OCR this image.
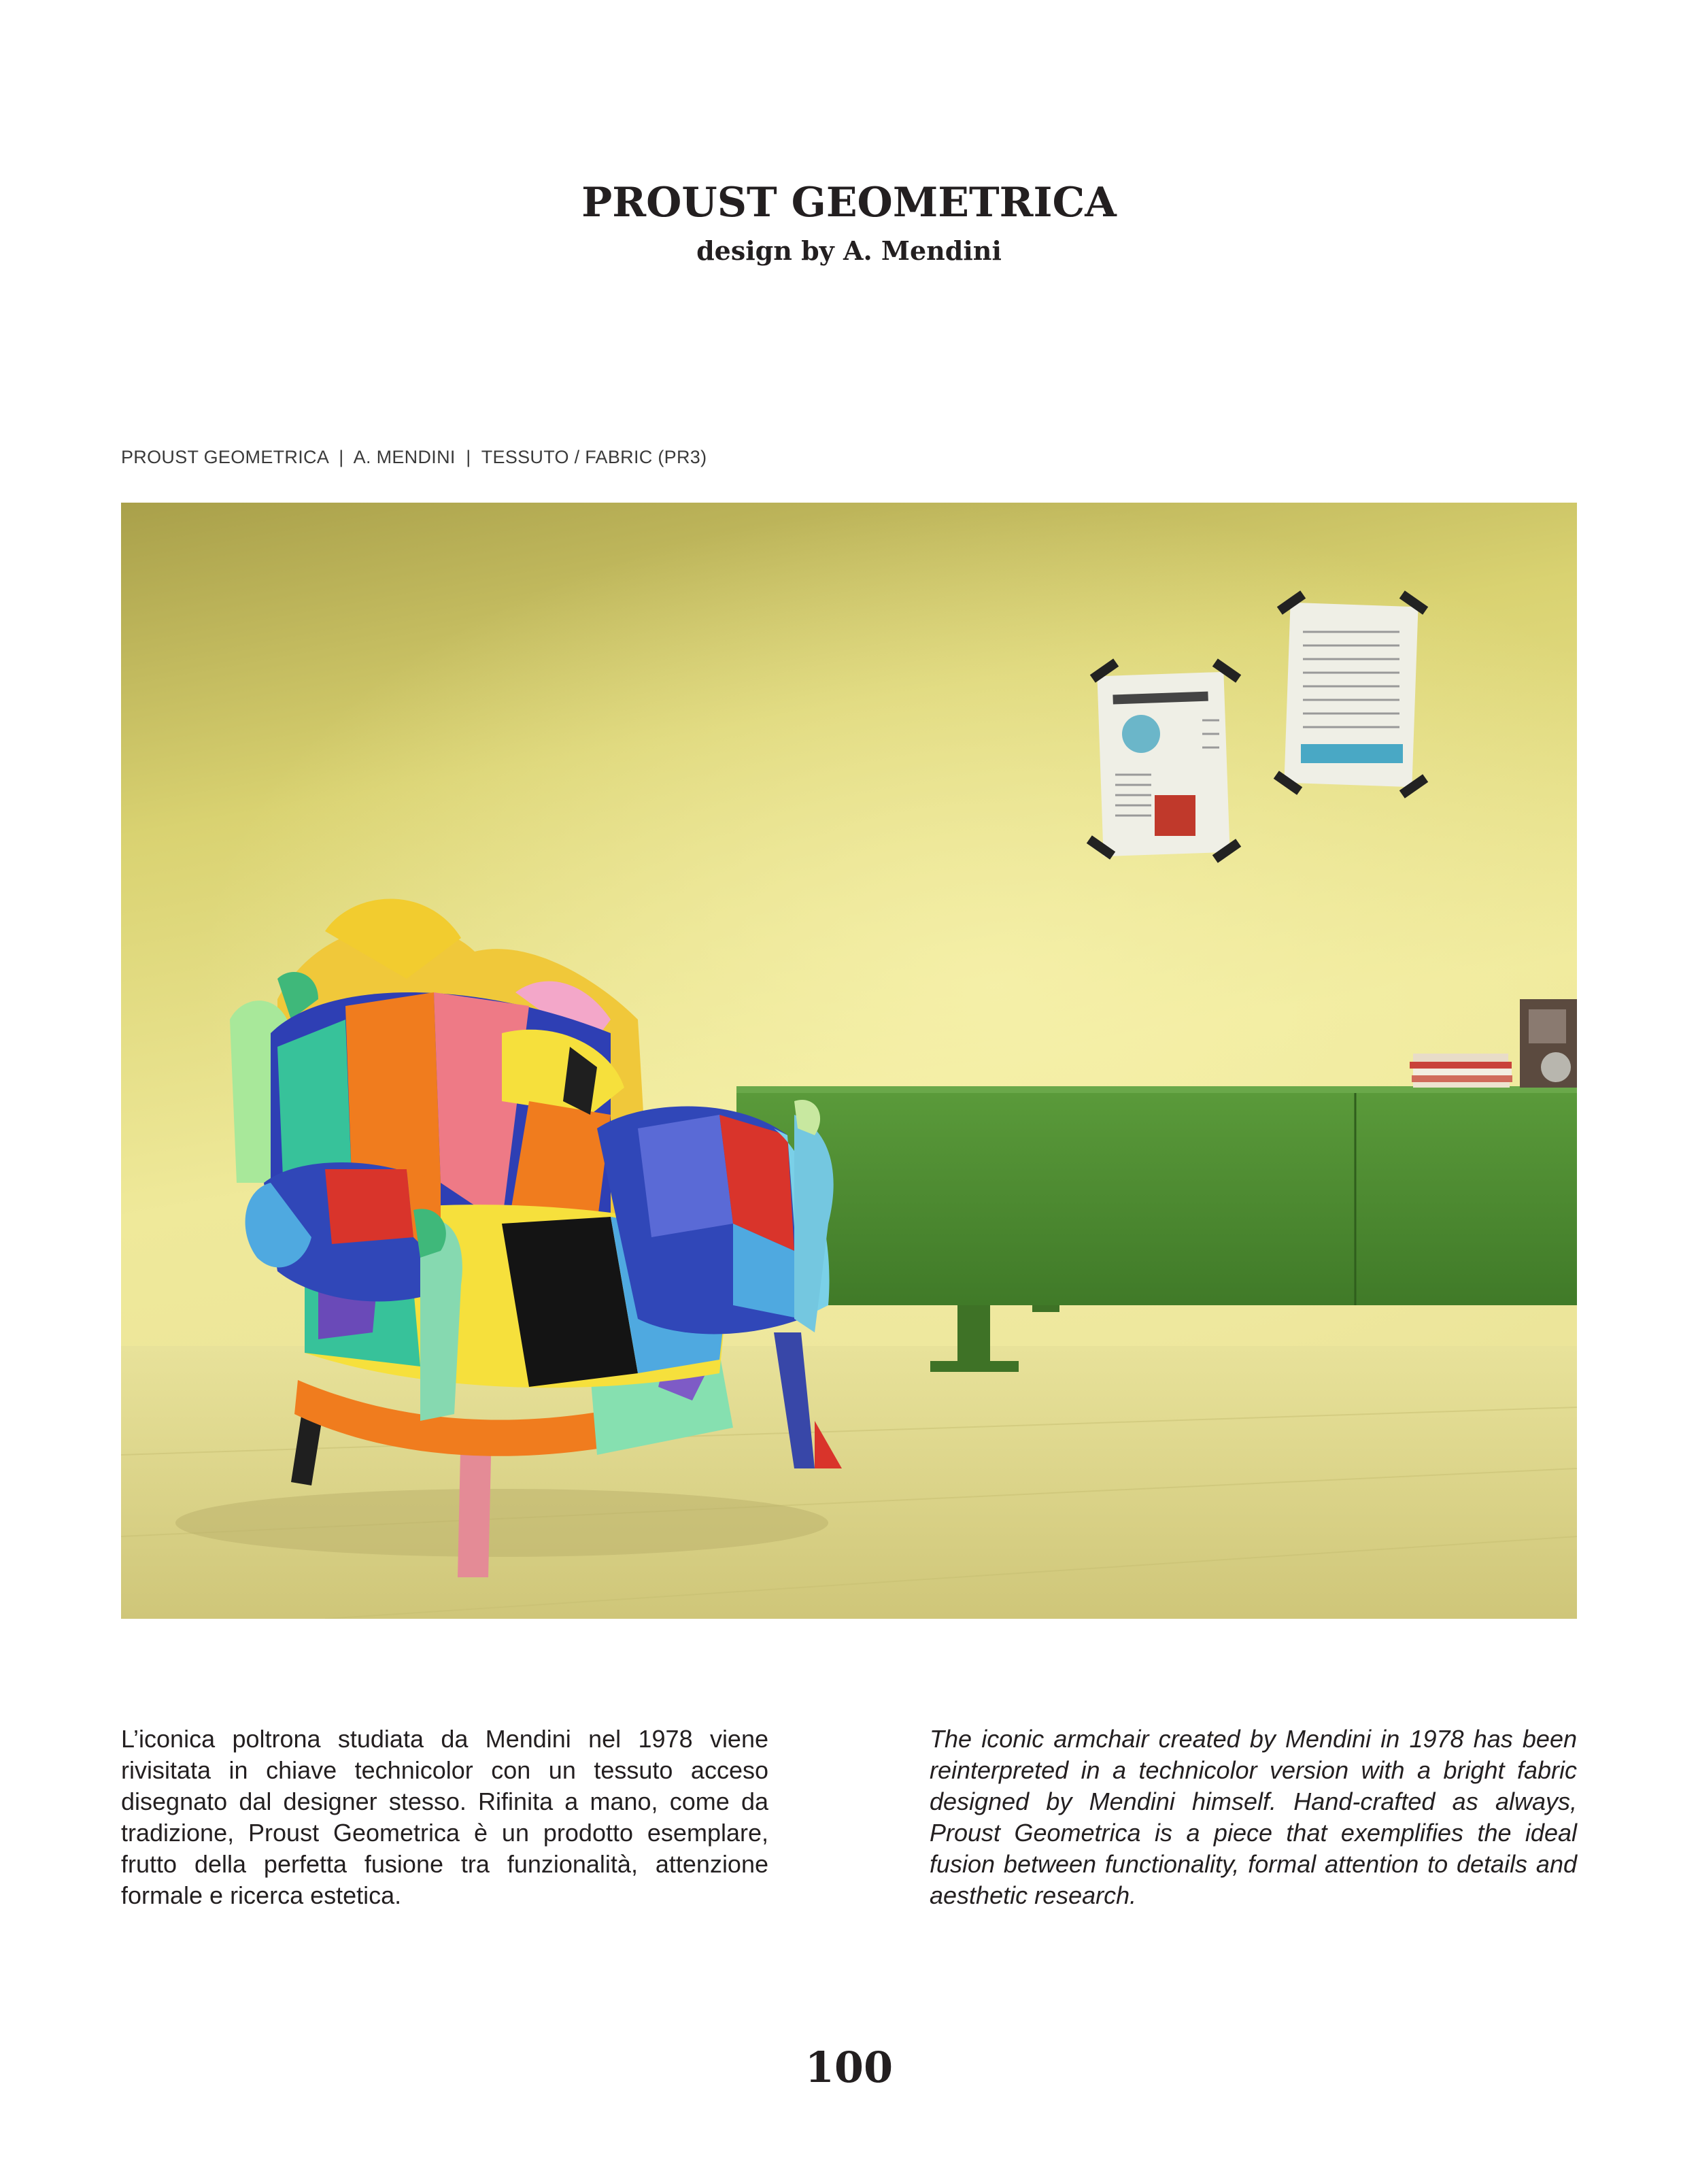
PROUST GEOMETRICA
design by A. Mendini
PROUST GEOMETRICA  |  A. MENDINI  |  TESSUTO / FABRIC (PR3)

L’iconica poltrona studiata da Mendini nel 1978 viene rivisitata in chiave technicolor con un tessuto acceso disegnato dal designer stesso. Rifinita a mano, come da tradizione, Proust Geometrica è un prodotto esemplare, frutto della perfetta fusione tra funzionalità, attenzione formale e ricerca estetica.

The iconic armchair created by Mendini in 1978 has been reinterpreted in a technicolor version with a bright fabric designed by Mendini himself. Hand-crafted as always, Proust Geometrica is a piece that exemplifies the ideal fusion between functionality, formal attention to details and aesthetic research.

100
